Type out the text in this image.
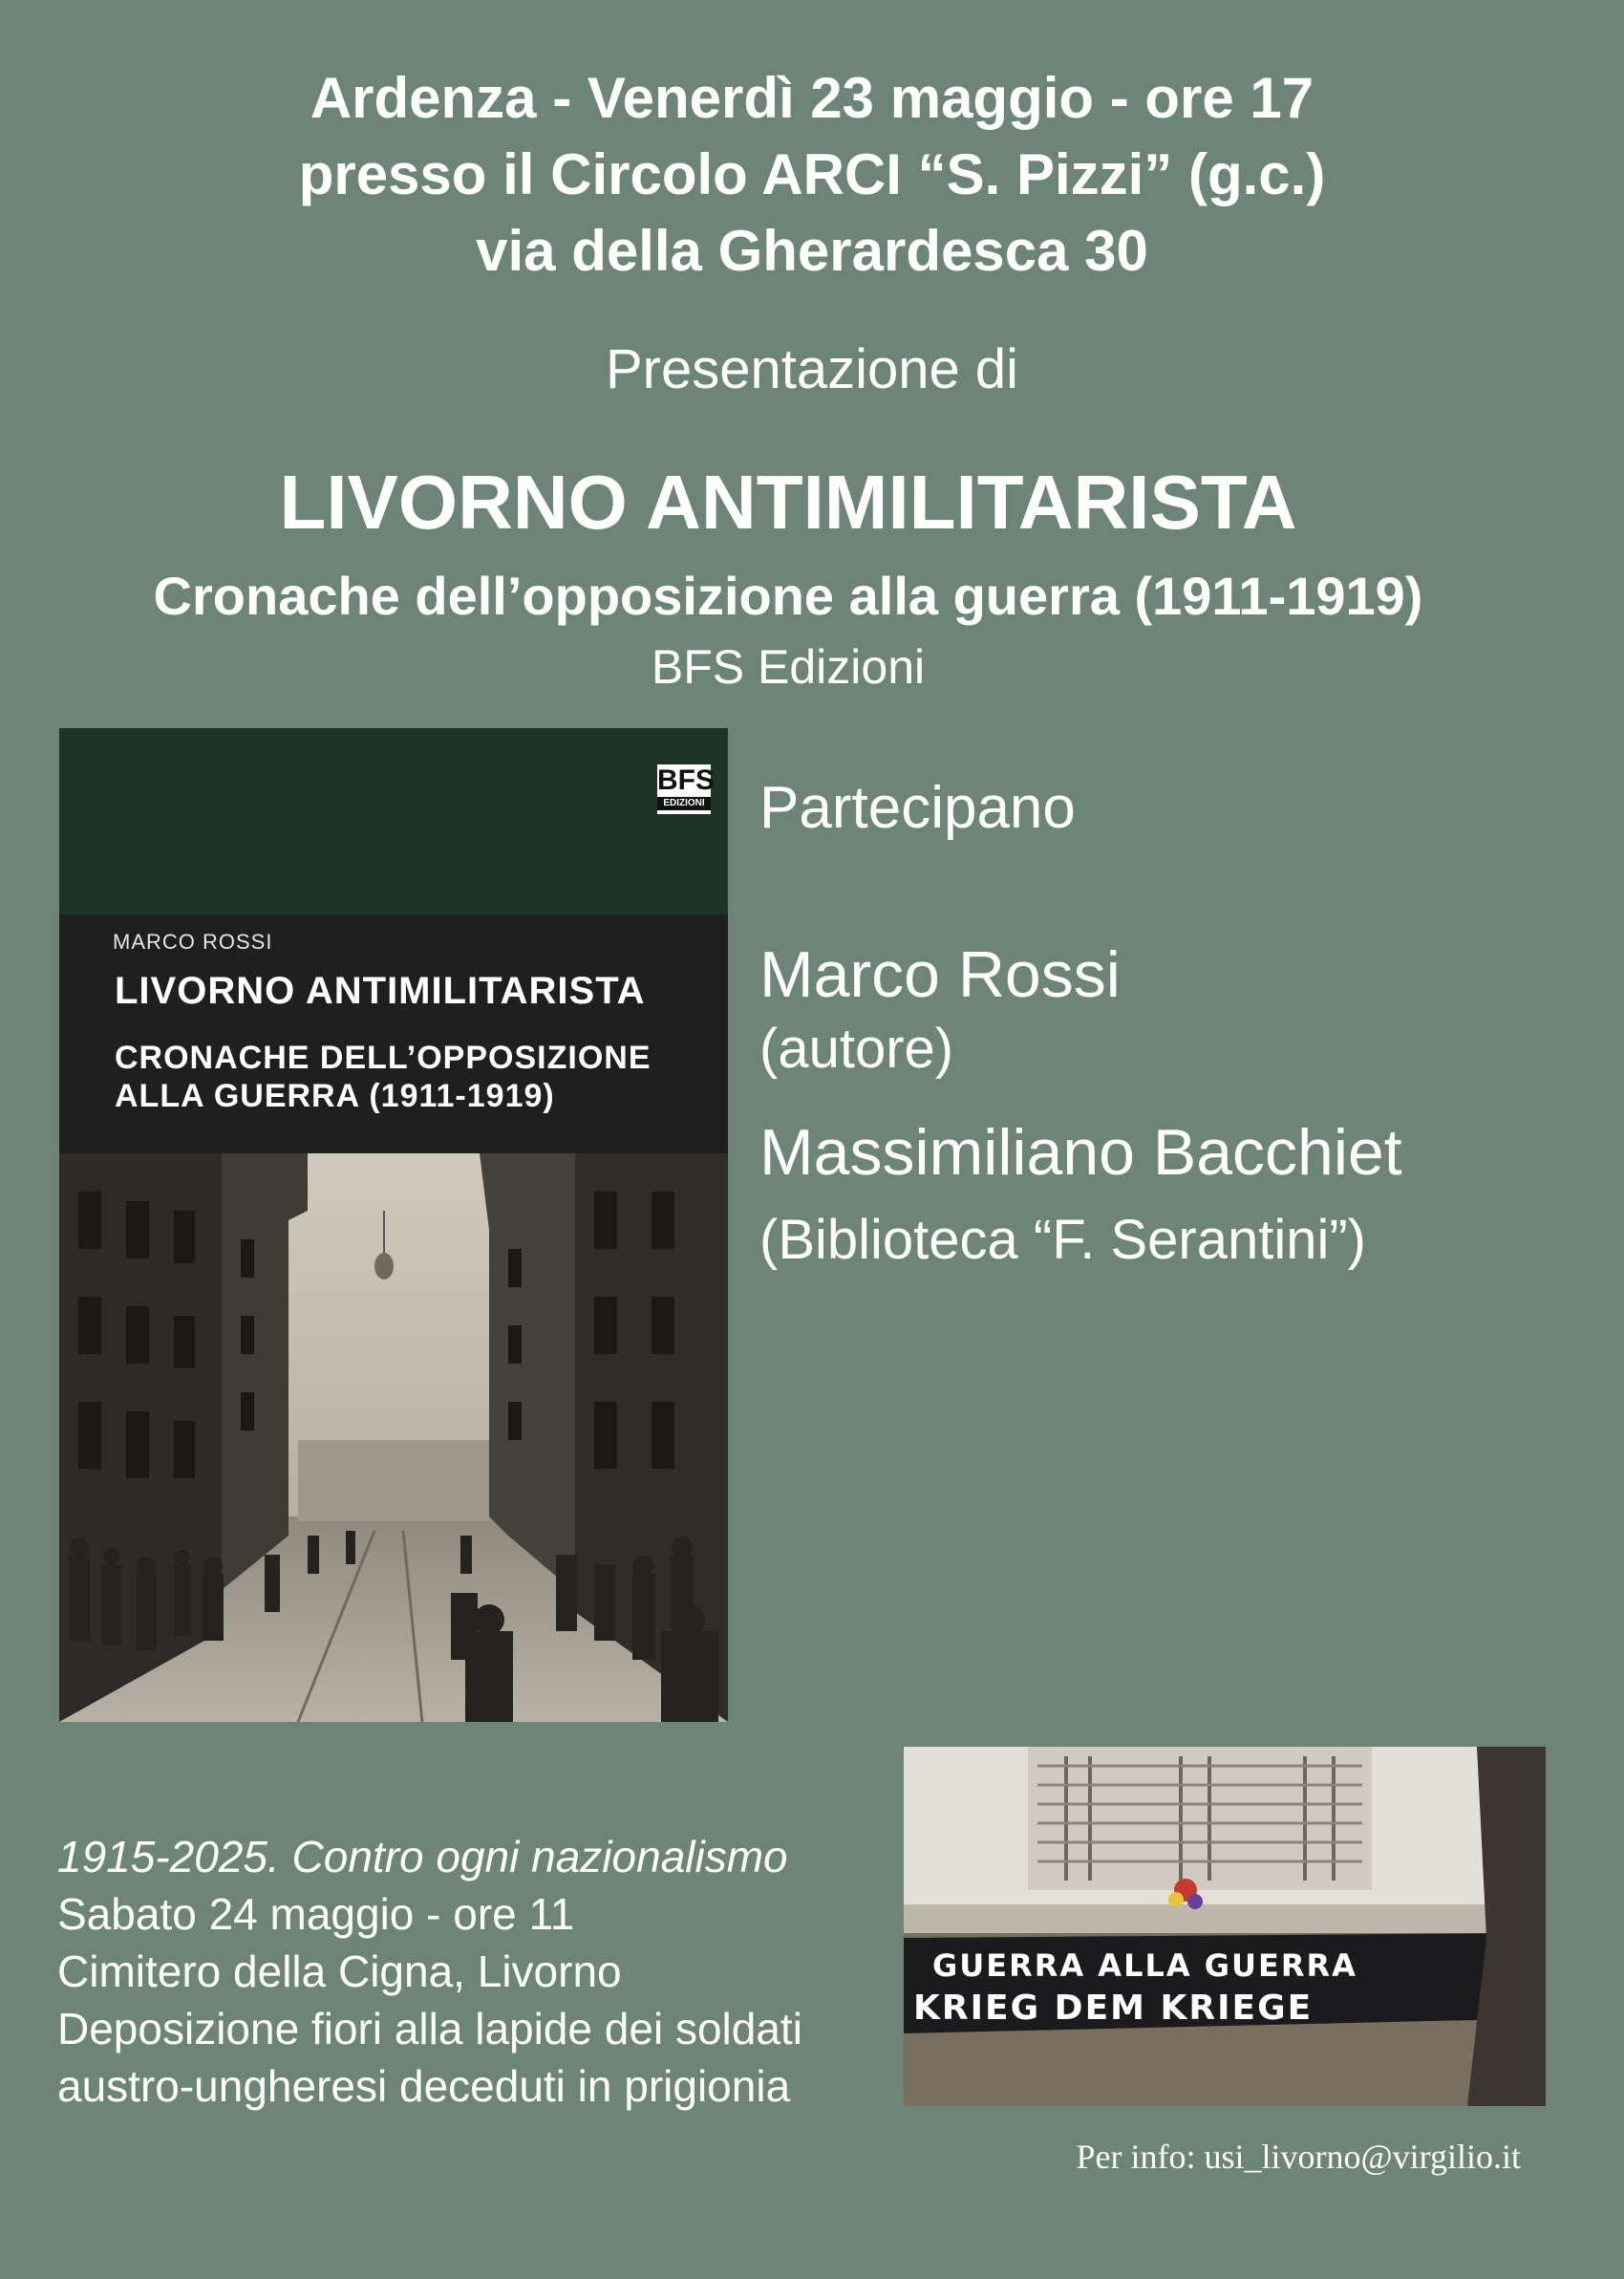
Ardenza - Venerdì 23 maggio - ore 17
presso il Circolo ARCI “S. Pizzi” (g.c.)
via della Gherardesca 30
Presentazione di
LIVORNO ANTIMILITARISTA
Cronache dell’opposizione alla guerra (1911-1919)
BFS Edizioni
BFS
EDIZIONI
MARCO ROSSI
LIVORNO ANTIMILITARISTA
CRONACHE DELL’OPPOSIZIONE
ALLA GUERRA (1911-1919)
Partecipano
Marco Rossi
(autore)
Massimiliano Bacchiet
(Biblioteca “F. Serantini”)
1915-2025. Contro ogni nazionalismo
Sabato 24 maggio - ore 11
Cimitero della Cigna, Livorno
Deposizione fiori alla lapide dei soldati
austro-ungheresi deceduti in prigionia
GUERRA ALLA GUERRA
KRIEG DEM KRIEGE
Per info: usi_livorno@virgilio.it
